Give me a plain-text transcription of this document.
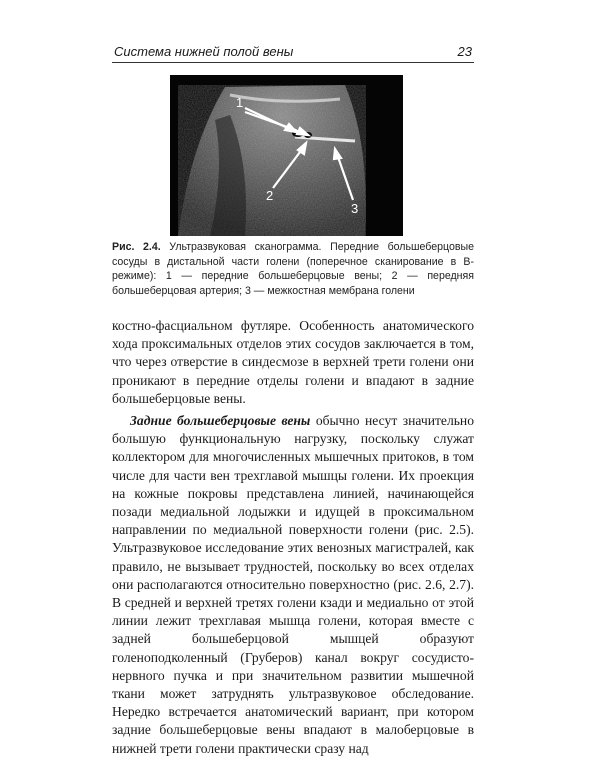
Система нижней полой вены	23
1
2
3
Рис. 2.4. Ультразвуковая сканограмма. Передние большеберцовые сосуды в дистальной части голени (поперечное сканирование в В-режиме): 1 — передние большеберцовые вены; 2 — передняя большеберцовая артерия; 3 — межкостная мембрана голени

костно-фасциальном футляре. Особенность анатомического хода проксимальных отделов этих сосудов заключается в том, что через отверстие в синдесмозе в верхней трети голени они проникают в передние отделы голени и впадают в задние большеберцовые вены.

Задние большеберцовые вены обычно несут значительно большую функциональную нагрузку, поскольку служат коллектором для многочисленных мышечных притоков, в том числе для части вен трехглавой мышцы голени. Их проекция на кожные покровы представлена линией, начинающейся позади медиальной лодыжки и идущей в проксимальном направлении по медиальной поверхности голени (рис. 2.5). Ультразвуковое исследование этих венозных магистралей, как правило, не вызывает трудностей, поскольку во всех отделах они располагаются относительно поверхностно (рис. 2.6, 2.7). В средней и верхней третях голени кзади и медиально от этой линии лежит трехглавая мышца голени, которая вместе с задней большеберцовой мышцей образуют голеноподколенный (Груберов) канал вокруг сосудисто-нервного пучка и при значительном развитии мышечной ткани может затруднять ультразвуковое обследование. Нередко встречается анатомический вариант, при котором задние большеберцовые вены впадают в малоберцовые в нижней трети голени практически сразу над
